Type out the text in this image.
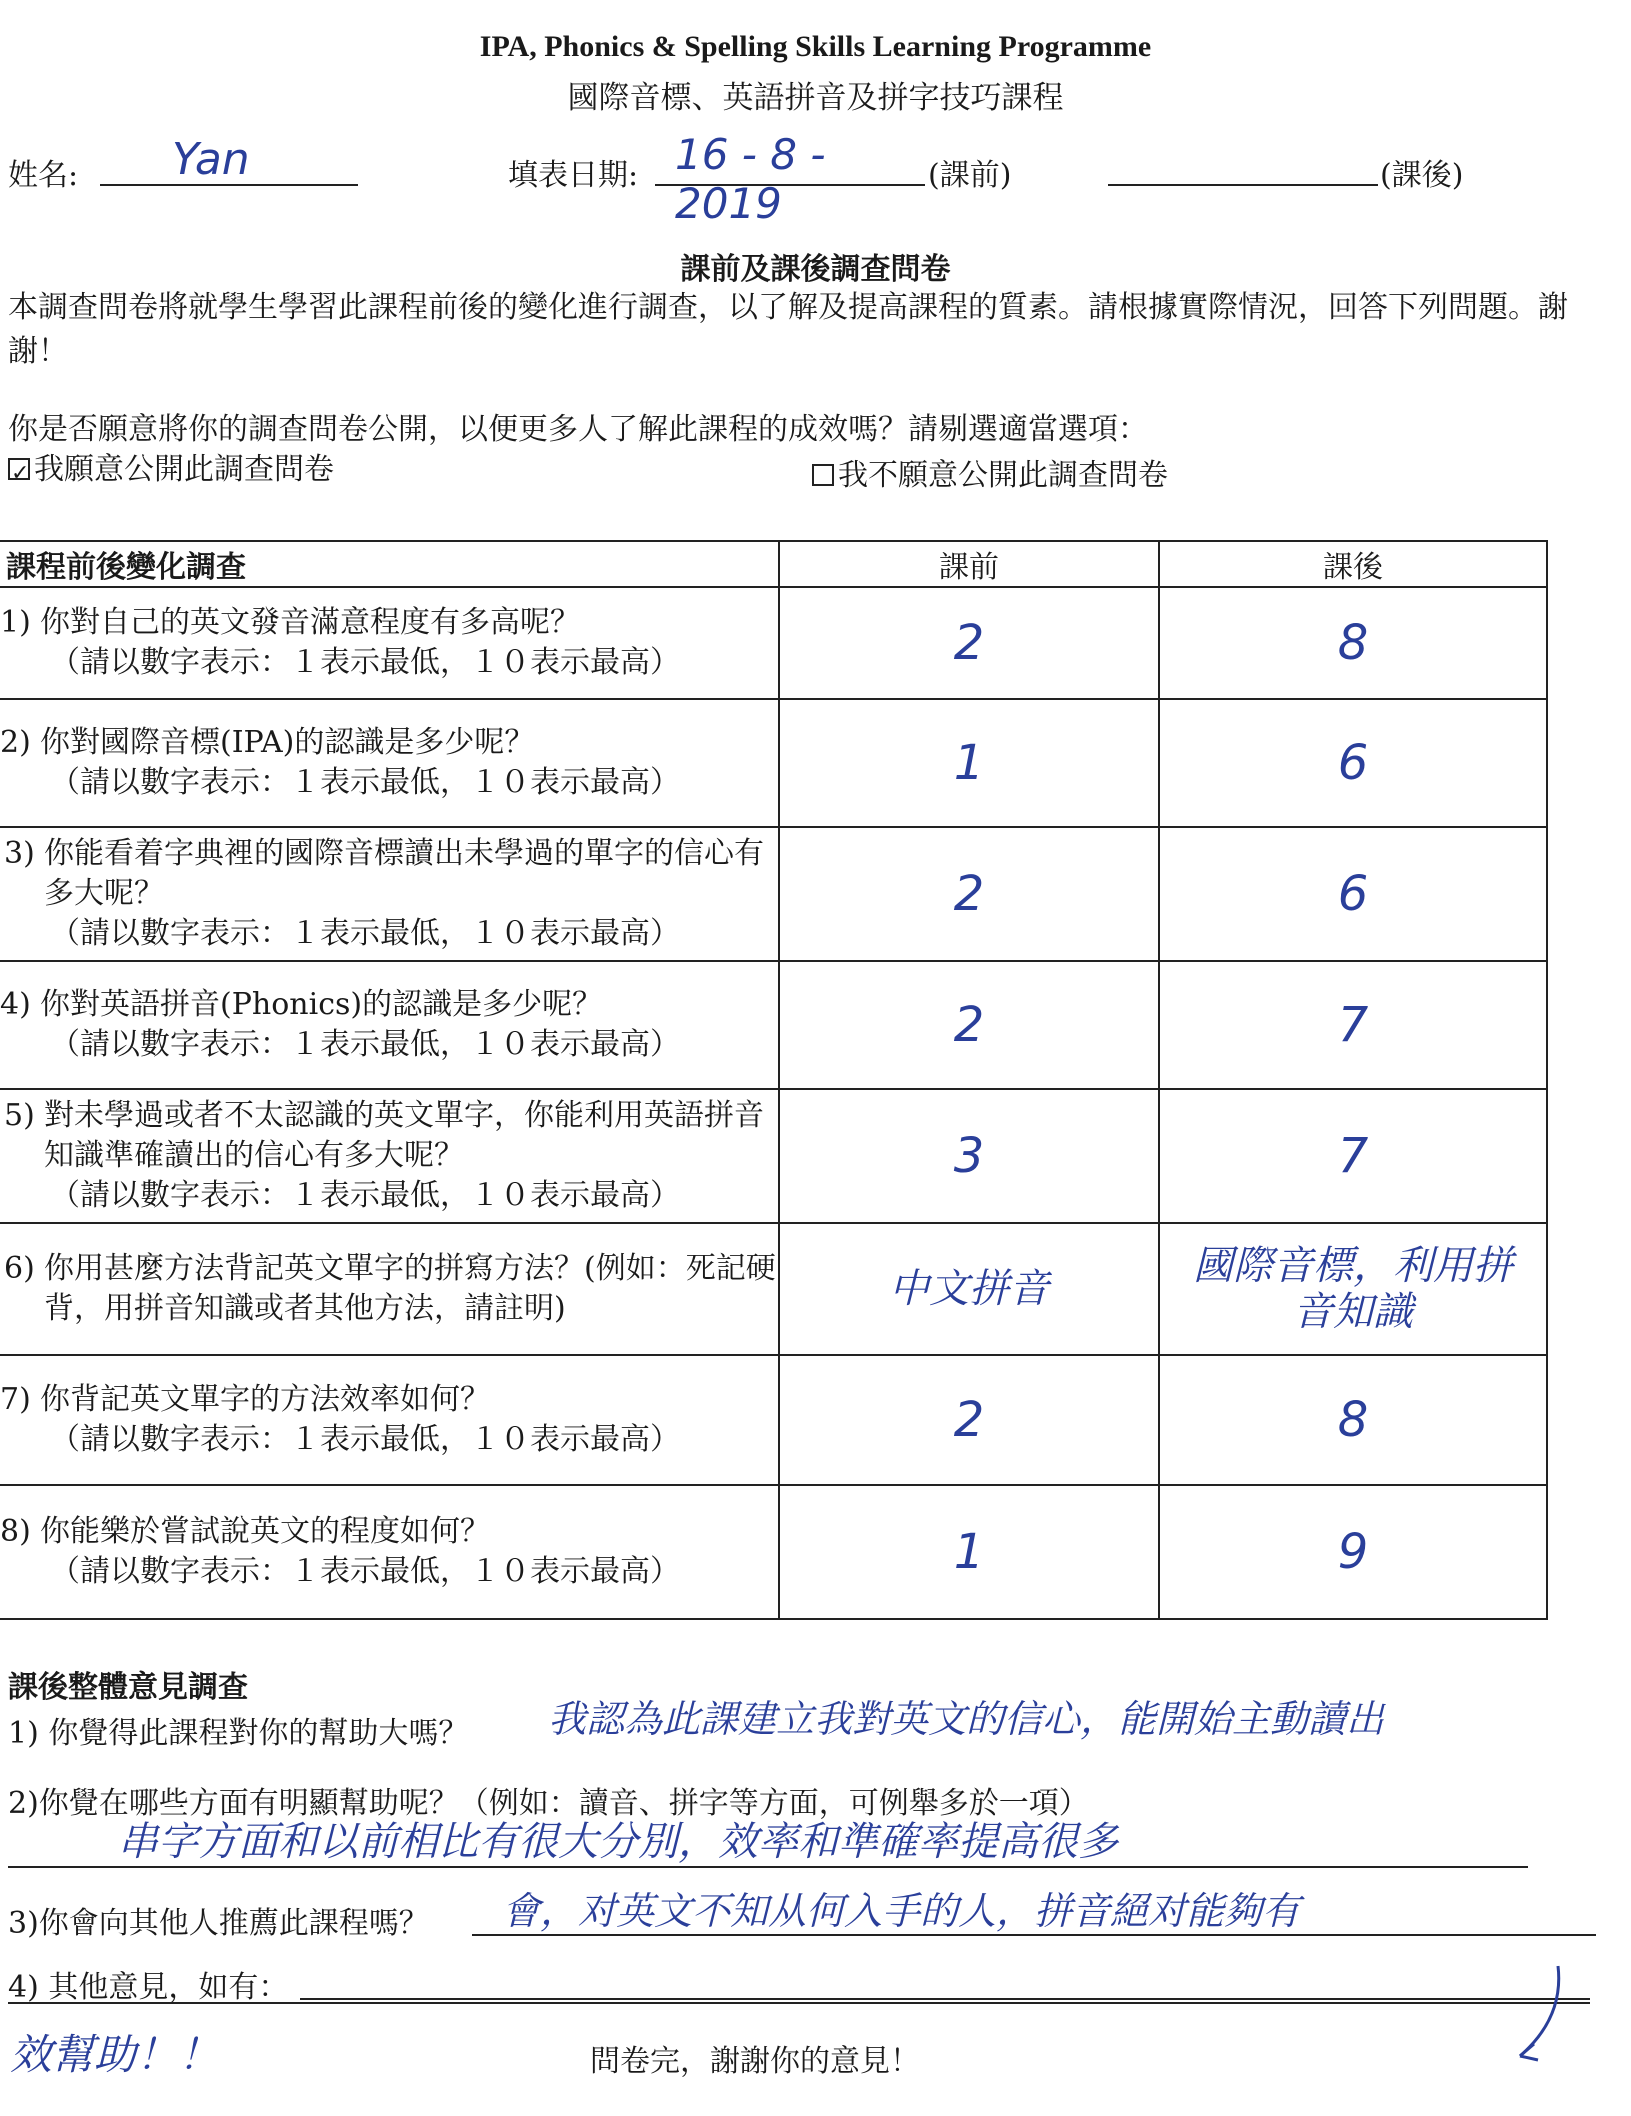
IPA, Phonics & Spelling Skills Learning Programme
國際音標、英語拼音及拼字技巧課程
姓名: Yan	填表日期: 16 - 8 - 2019
(課前)	(課後)
課前及課後調查問卷
本調查問卷將就學生學習此課程前後的變化進行調查，以了解及提高課程的質素。請根據實際情況，回答下列問題。謝謝！
你是否願意將你的調查問卷公開，以便更多人了解此課程的成效嗎？請剔選適當選項：
✓我願意公開此調查問卷	我不願意公開此調查問卷
課程前後變化調查	課前	課後

1) 你對自己的英文發音滿意程度有多高呢？
（請以數字表示：１表示最低，１０表示最高）	2	8

2) 你對國際音標(IPA)的認識是多少呢？
（請以數字表示：１表示最低，１０表示最高）	1	6

3) 你能看着字典裡的國際音標讀出未學過的單字的信心有多大呢？
（請以數字表示：１表示最低，１０表示最高）	2	6

4) 你對英語拼音(Phonics)的認識是多少呢？
（請以數字表示：１表示最低，１０表示最高）	2	7

5) 對未學過或者不太認識的英文單字，你能利用英語拼音知識準確讀出的信心有多大呢？
（請以數字表示：１表示最低，１０表示最高）	3	7

6) 你用甚麼方法背記英文單字的拼寫方法？(例如：死記硬背，用拼音知識或者其他方法，請註明)	中文拼音	國際音標，利用拼音知識

7) 你背記英文單字的方法效率如何？
（請以數字表示：１表示最低，１０表示最高）	2	8

8) 你能樂於嘗試說英文的程度如何？
（請以數字表示：１表示最低，１０表示最高）	1	9
課後整體意見調查
1) 你覺得此課程對你的幫助大嗎？ 我認為此課建立我對英文的信心，能開始主動讀出
2)你覺在哪些方面有明顯幫助呢？（例如：讀音、拼字等方面，可例舉多於一項）
串字方面和以前相比有很大分別，效率和準確率提高很多
3)你會向其他人推薦此課程嗎？ 會，对英文不知从何入手的人，拼音絕对能夠有
4) 其他意見，如有：
效幫助！！	問卷完，謝謝你的意見！
